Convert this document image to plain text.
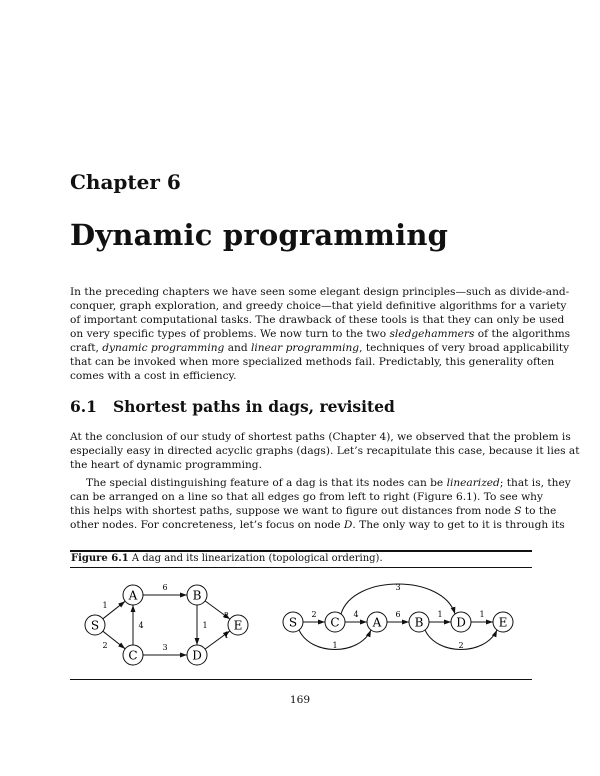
Chapter 6
Dynamic programming
In the preceding chapters we have seen some elegant design principles—such as divide-and-
conquer, graph exploration, and greedy choice—that yield definitive algorithms for a variety
of important computational tasks. The drawback of these tools is that they can only be used
on very specific types of problems. We now turn to the two sledgehammers of the algorithms
craft, dynamic programming and linear programming, techniques of very broad applicability
that can be invoked when more specialized methods fail. Predictably, this generality often
comes with a cost in efficiency.
6.1 Shortest paths in dags, revisited
At the conclusion of our study of shortest paths (Chapter 4), we observed that the problem is
especially easy in directed acyclic graphs (dags). Let’s recapitulate this case, because it lies at
the heart of dynamic programming.
The special distinguishing feature of a dag is that its nodes can be linearized; that is, they
can be arranged on a line so that all edges go from left to right (Figure 6.1). To see why
this helps with shortest paths, suppose we want to figure out distances from node S to the
other nodes. For concreteness, let’s focus on node D. The only way to get to it is through its
Figure 6.1 A dag and its linearization (topological ordering).
1
2
4
6
3
1
2
1
S
A	B
C	D
E
1
2	4	6
3
1
2
1
S	A	B
C	D	E
169
